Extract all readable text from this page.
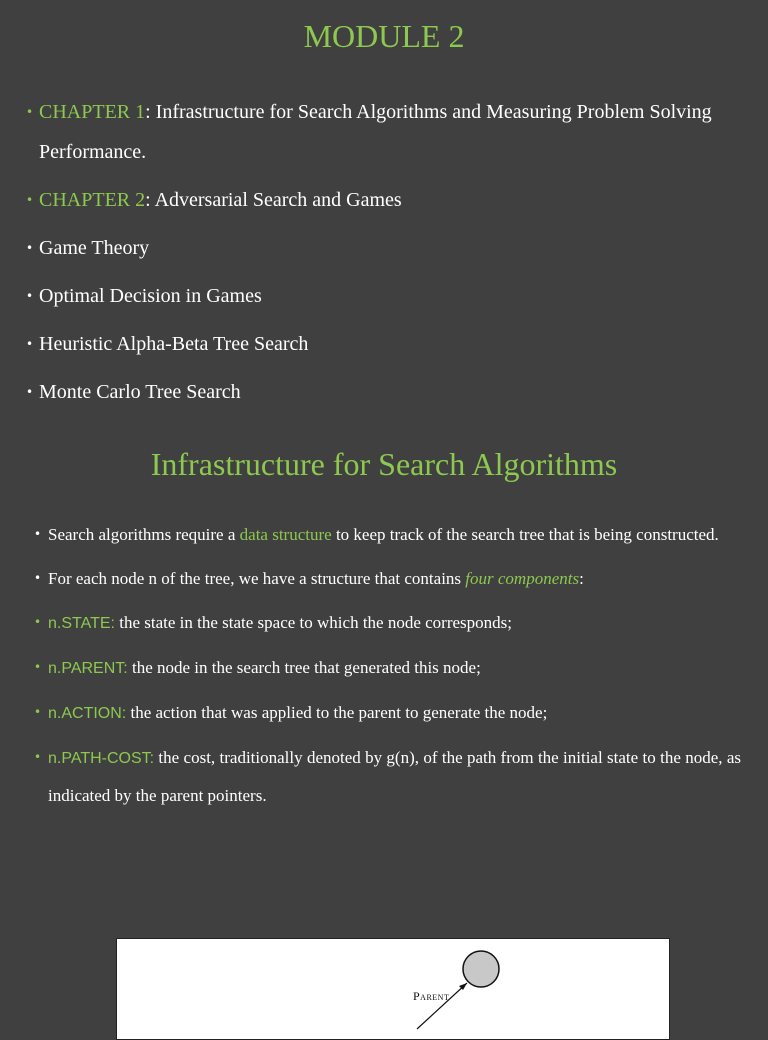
MODULE 2
• CHAPTER 1: Infrastructure for Search Algorithms and Measuring Problem Solving Performance.
• CHAPTER 2: Adversarial Search and Games
• Game Theory
• Optimal Decision in Games
• Heuristic Alpha-Beta Tree Search
• Monte Carlo Tree Search
Infrastructure for Search Algorithms
• Search algorithms require a data structure to keep track of the search tree that is being constructed.
• For each node n of the tree, we have a structure that contains four components:
• n.STATE: the state in the state space to which the node corresponds;
• n.PARENT: the node in the search tree that generated this node;
• n.ACTION: the action that was applied to the parent to generate the node;
• n.PATH-COST: the cost, traditionally denoted by g(n), of the path from the initial state to the node, as indicated by the parent pointers.
Parent
